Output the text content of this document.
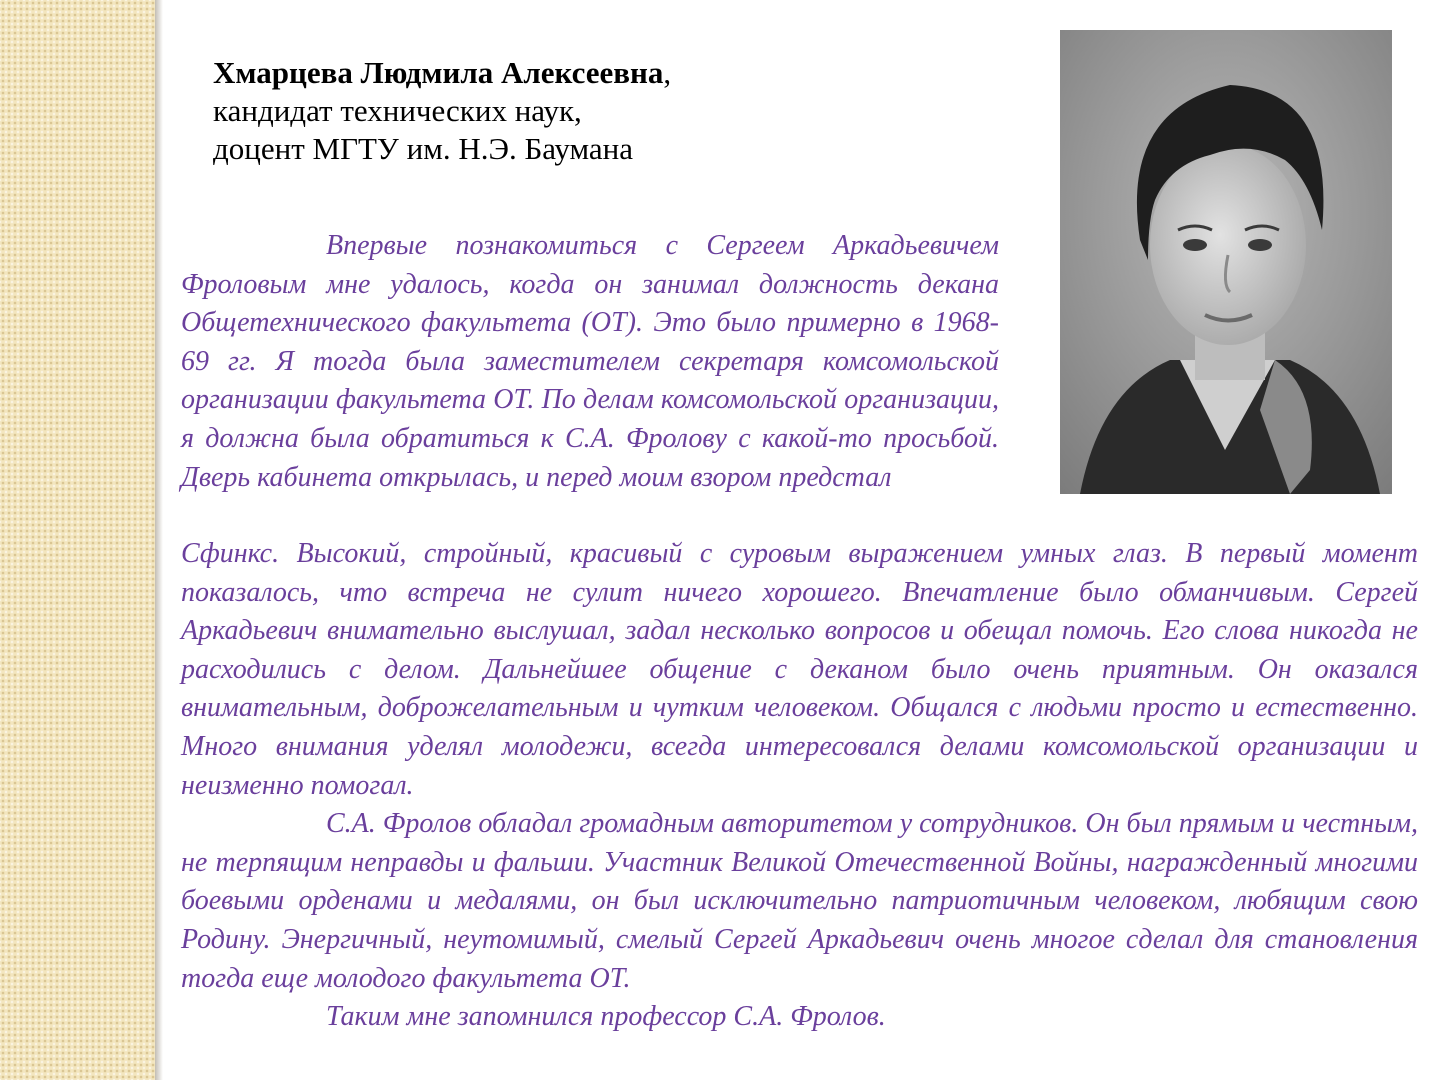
Хмарцева Людмила Алексеевна,
кандидат технических наук,
доцент МГТУ им. Н.Э. Баумана

Впервые познакомиться с Сергеем Аркадьевичем Фроловым мне удалось, когда он занимал должность декана Общетехнического факультета (ОТ). Это было примерно в 1968-69 гг. Я тогда была заместителем секретаря комсомольской организации факультета ОТ. По делам комсомольской организации, я должна была обратиться к С.А. Фролову с какой-то просьбой. Дверь кабинета открылась, и перед моим взором предстал

Сфинкс. Высокий, стройный, красивый с суровым выражением умных глаз. В первый момент показалось, что встреча не сулит ничего хорошего. Впечатление было обманчивым. Сергей Аркадьевич внимательно выслушал, задал несколько вопросов и обещал помочь. Его слова никогда не расходились с делом. Дальнейшее общение с деканом было очень приятным. Он оказался внимательным, доброжелательным и чутким человеком. Общался с людьми просто и естественно. Много внимания уделял молодежи, всегда интересовался делами комсомольской организации и неизменно помогал.

С.А. Фролов обладал громадным авторитетом у сотрудников. Он был прямым и честным, не терпящим неправды и фальши. Участник Великой Отечественной Войны, награжденный многими боевыми орденами и медалями, он был исключительно патриотичным человеком, любящим свою Родину. Энергичный, неутомимый, смелый Сергей Аркадьевич очень многое сделал для становления тогда еще молодого факультета ОТ.

Таким мне запомнился профессор С.А. Фролов.
